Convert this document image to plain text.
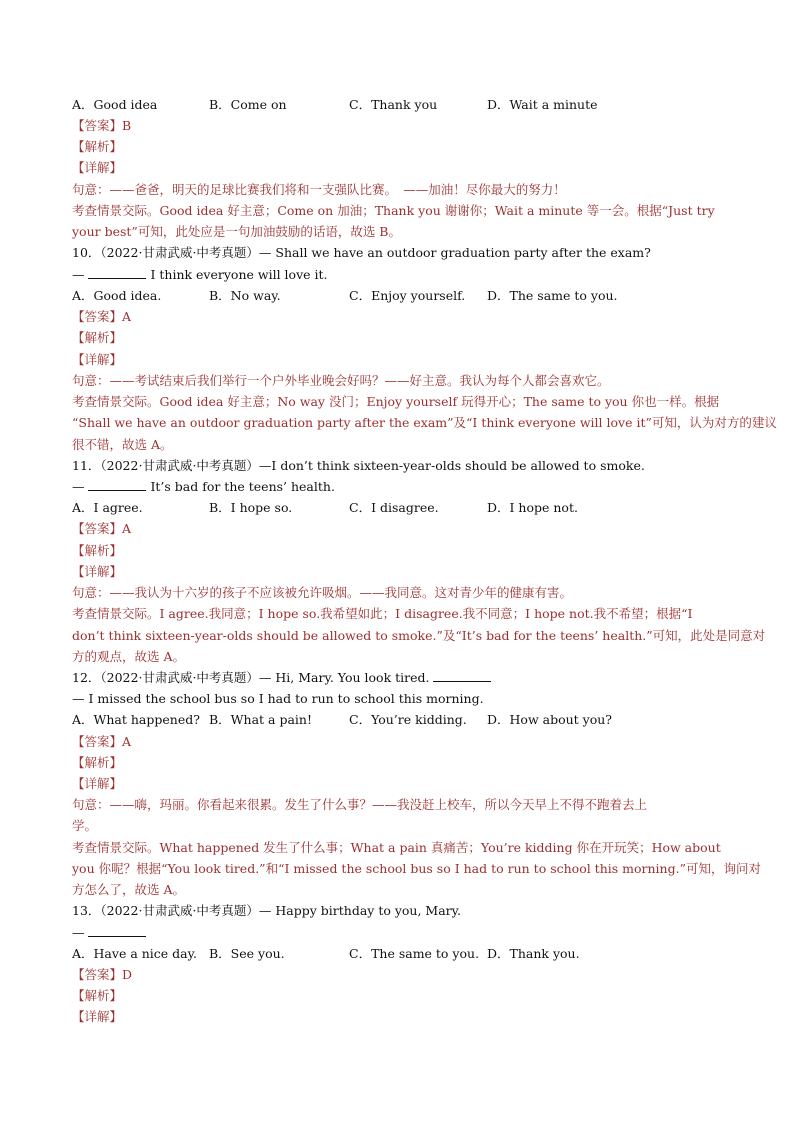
A．Good idea	B．Come on	C．Thank you	D．Wait a minute
【答案】B
【解析】
【详解】
句意：——爸爸，明天的足球比赛我们将和一支强队比赛。　——加油！尽你最大的努力！
考查情景交际。Good idea 好主意；Come on 加油；Thank you 谢谢你；Wait a minute 等一会。根据“Just try
your best”可知，此处应是一句加油鼓励的话语，故选 B。
10．（2022·甘肃武威·中考真题）— Shall we have an outdoor graduation party after the exam?
—	I think everyone will love it.
A．Good idea.	B．No way.	C．Enjoy yourself. D．The same to you.
【答案】A
【解析】
【详解】
句意：——考试结束后我们举行一个户外毕业晚会好吗？——好主意。我认为每个人都会喜欢它。
考查情景交际。Good idea 好主意；No way 没门；Enjoy yourself 玩得开心；The same to you 你也一样。根据
“Shall we have an outdoor graduation party after the exam”及“I think everyone will love it”可知，认为对方的建议
很不错，故选 A。
11．（2022·甘肃武威·中考真题）—I don’t think sixteen-year-olds should be allowed to smoke.
—	It’s bad for the teens’ health.
A．I agree.	B．I hope so.	C．I disagree.	D．I hope not.
【答案】A
【解析】
【详解】
句意：——我认为十六岁的孩子不应该被允许吸烟。——我同意。这对青少年的健康有害。
考查情景交际。I agree.我同意；I hope so.我希望如此；I disagree.我不同意；I hope not.我不希望；根据“I
don’t think sixteen-year-olds should be allowed to smoke.”及“It’s bad for the teens’ health.”可知，此处是同意对
方的观点，故选 A。
12．（2022·甘肃武威·中考真题）— Hi, Mary. You look tired.
— I missed the school bus so I had to run to school this morning.
A．What happened? B．What a pain!	C．You’re kidding. D．How about you?
【答案】A
【解析】
【详解】
句意：——嗨，玛丽。你看起来很累。发生了什么事？——我没赶上校车，所以今天早上不得不跑着去上
学。
考查情景交际。What happened 发生了什么事；What a pain 真痛苦；You’re kidding 你在开玩笑；How about
you 你呢？根据“You look tired.”和“I missed the school bus so I had to run to school this morning.”可知，询问对
方怎么了，故选 A。
13．（2022·甘肃武威·中考真题）— Happy birthday to you, Mary.
—
A．Have a nice day. B．See you.	C．The same to you. D．Thank you.
【答案】D
【解析】
【详解】
